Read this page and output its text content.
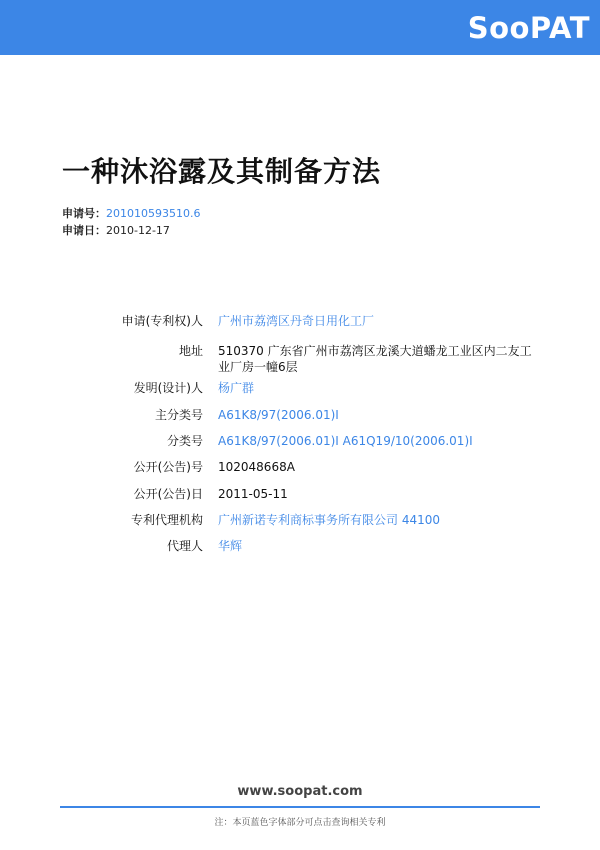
SooPAT
一种沐浴露及其制备方法
申请号：201010593510.6
申请日：2010-12-17
申请(专利权)人 广州市荔湾区丹奇日用化工厂
地址 510370 广东省广州市荔湾区龙溪大道蟠龙工业区内二友工业厂房一幢6层
发明(设计)人 杨广群
主分类号 A61K8/97(2006.01)I
分类号 A61K8/97(2006.01)I A61Q19/10(2006.01)I
公开(公告)号 102048668A
公开(公告)日 2011-05-11
专利代理机构 广州新诺专利商标事务所有限公司 44100
代理人 华辉
www.soopat.com
注：本页蓝色字体部分可点击查询相关专利
